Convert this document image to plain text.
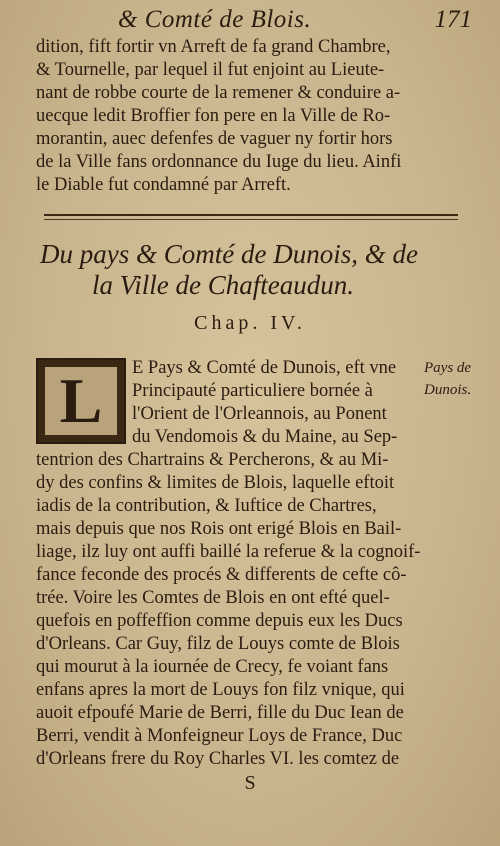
& Comté de Blois.	171
dition, fift fortir vn Arreft de fa grand Chambre,
& Tournelle, par lequel il fut enjoint au Lieute-
nant de robbe courte de la remener & conduire a-
uecque ledit Broffier fon pere en la Ville de Ro-
morantin, auec defenfes de vaguer ny fortir hors
de la Ville fans ordonnance du Iuge du lieu. Ainfi
le Diable fut condamné par Arreft.
Du pays & Comté de Dunois, & de
la Ville de Chafteaudun.
Chap. IV.
L E Pays & Comté de Dunois, eft vne
Principauté particuliere bornée à
l'Orient de l'Orleannois, au Ponent
du Vendomois & du Maine, au Sep-
tentrion des Chartrains & Percherons, & au Mi-
dy des confins & limites de Blois, laquelle eftoit
iadis de la contribution, & Iuftice de Chartres,
mais depuis que nos Rois ont erigé Blois en Bail-
liage, ilz luy ont auffi baillé la referue & la cognoif-
fance feconde des procés & differents de cefte cô-
trée. Voire les Comtes de Blois en ont efté quel-
quefois en poffeffion comme depuis eux les Ducs
d'Orleans. Car Guy, filz de Louys comte de Blois
qui mourut à la iournée de Crecy, fe voiant fans
enfans apres la mort de Louys fon filz vnique, qui
auoit efpoufé Marie de Berri, fille du Duc Iean de
Berri, vendit à Monfeigneur Loys de France, Duc
d'Orleans frere du Roy Charles VI. les comtez de
Pays de
Dunois.
S
